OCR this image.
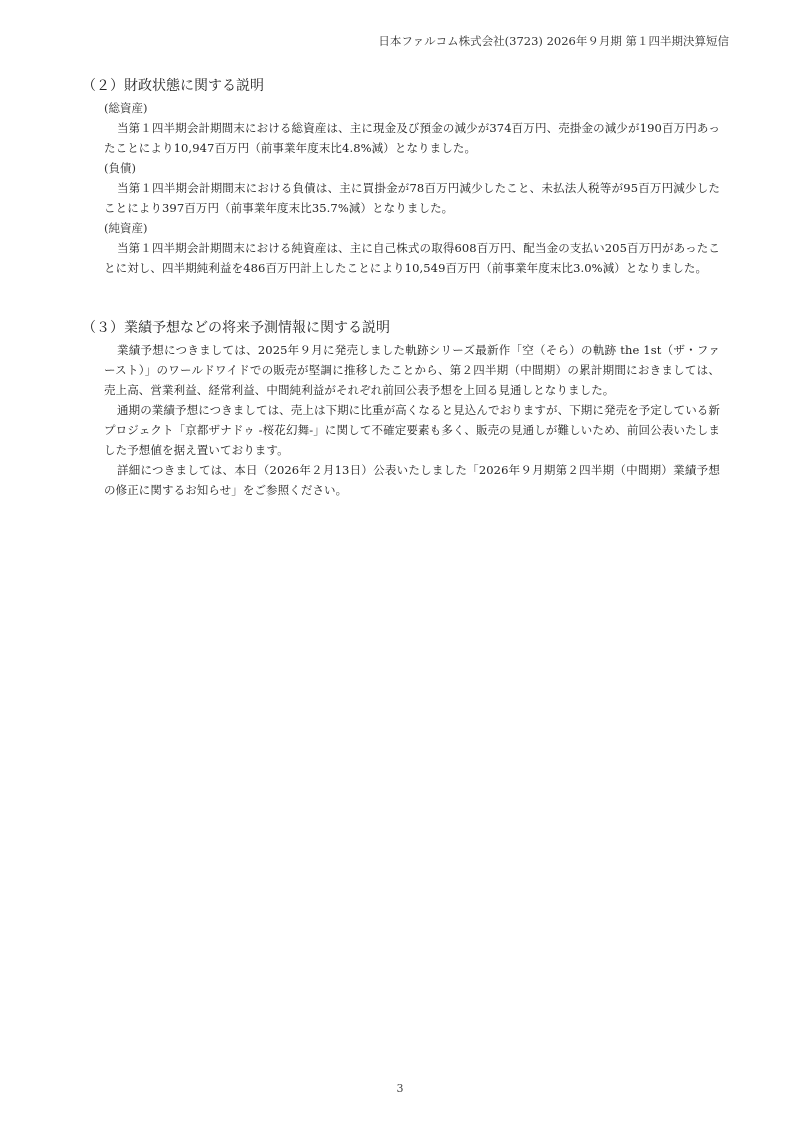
日本ファルコム株式会社(3723) 2026年９月期 第１四半期決算短信
（２）財政状態に関する説明
(総資産)

当第１四半期会計期間末における総資産は、主に現金及び預金の減少が374百万円、売掛金の減少が190百万円あったことにより10,947百万円（前事業年度末比4.8%減）となりました。

(負債)

当第１四半期会計期間末における負債は、主に買掛金が78百万円減少したこと、未払法人税等が95百万円減少したことにより397百万円（前事業年度末比35.7%減）となりました。

(純資産)

当第１四半期会計期間末における純資産は、主に自己株式の取得608百万円、配当金の支払い205百万円があったことに対し、四半期純利益を486百万円計上したことにより10,549百万円（前事業年度末比3.0%減）となりました。

（３）業績予想などの将来予測情報に関する説明

業績予想につきましては、2025年９月に発売しました軌跡シリーズ最新作「空（そら）の軌跡 the 1st（ザ・ファースト）」のワールドワイドでの販売が堅調に推移したことから、第２四半期（中間期）の累計期間におきましては、売上高、営業利益、経常利益、中間純利益がそれぞれ前回公表予想を上回る見通しとなりました。

通期の業績予想につきましては、売上は下期に比重が高くなると見込んでおりますが、下期に発売を予定している新プロジェクト「京都ザナドゥ -桜花幻舞-」に関して不確定要素も多く、販売の見通しが難しいため、前回公表いたしました予想値を据え置いております。

詳細につきましては、本日（2026年２月13日）公表いたしました「2026年９月期第２四半期（中間期）業績予想の修正に関するお知らせ」をご参照ください。

3
